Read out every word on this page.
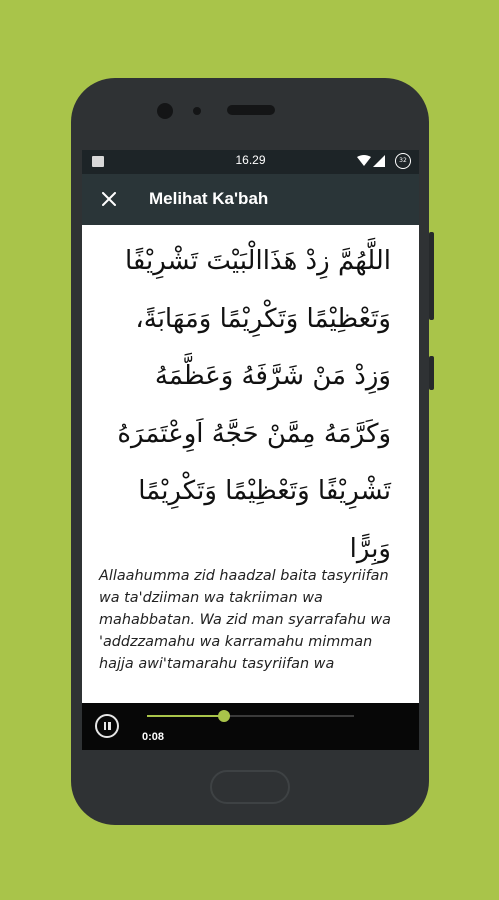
16.29	32
Melihat Ka'bah
اللَّهُمَّ زِدْ هَذَاالْبَيْتَ تَشْرِيْفًا وَتَعْظِيْمًا وَتَكْرِيْمًا وَمَهَابَةً، وَزِدْ مَنْ شَرَّفَهُ وَعَظَّمَهُ وَكَرَّمَهُ مِمَّنْ حَجَّهُ اَوِعْتَمَرَهُ تَشْرِيْفًا وَتَعْظِيْمًا وَتَكْرِيْمًا وَبِرًّا

Allaahumma zid haadzal baita tasyriifan wa ta'dziiman wa takriiman wa mahabbatan. Wa zid man syarrafahu wa 'addzzamahu wa karramahu mimman hajja awi'tamarahu tasyriifan wa

0:08
